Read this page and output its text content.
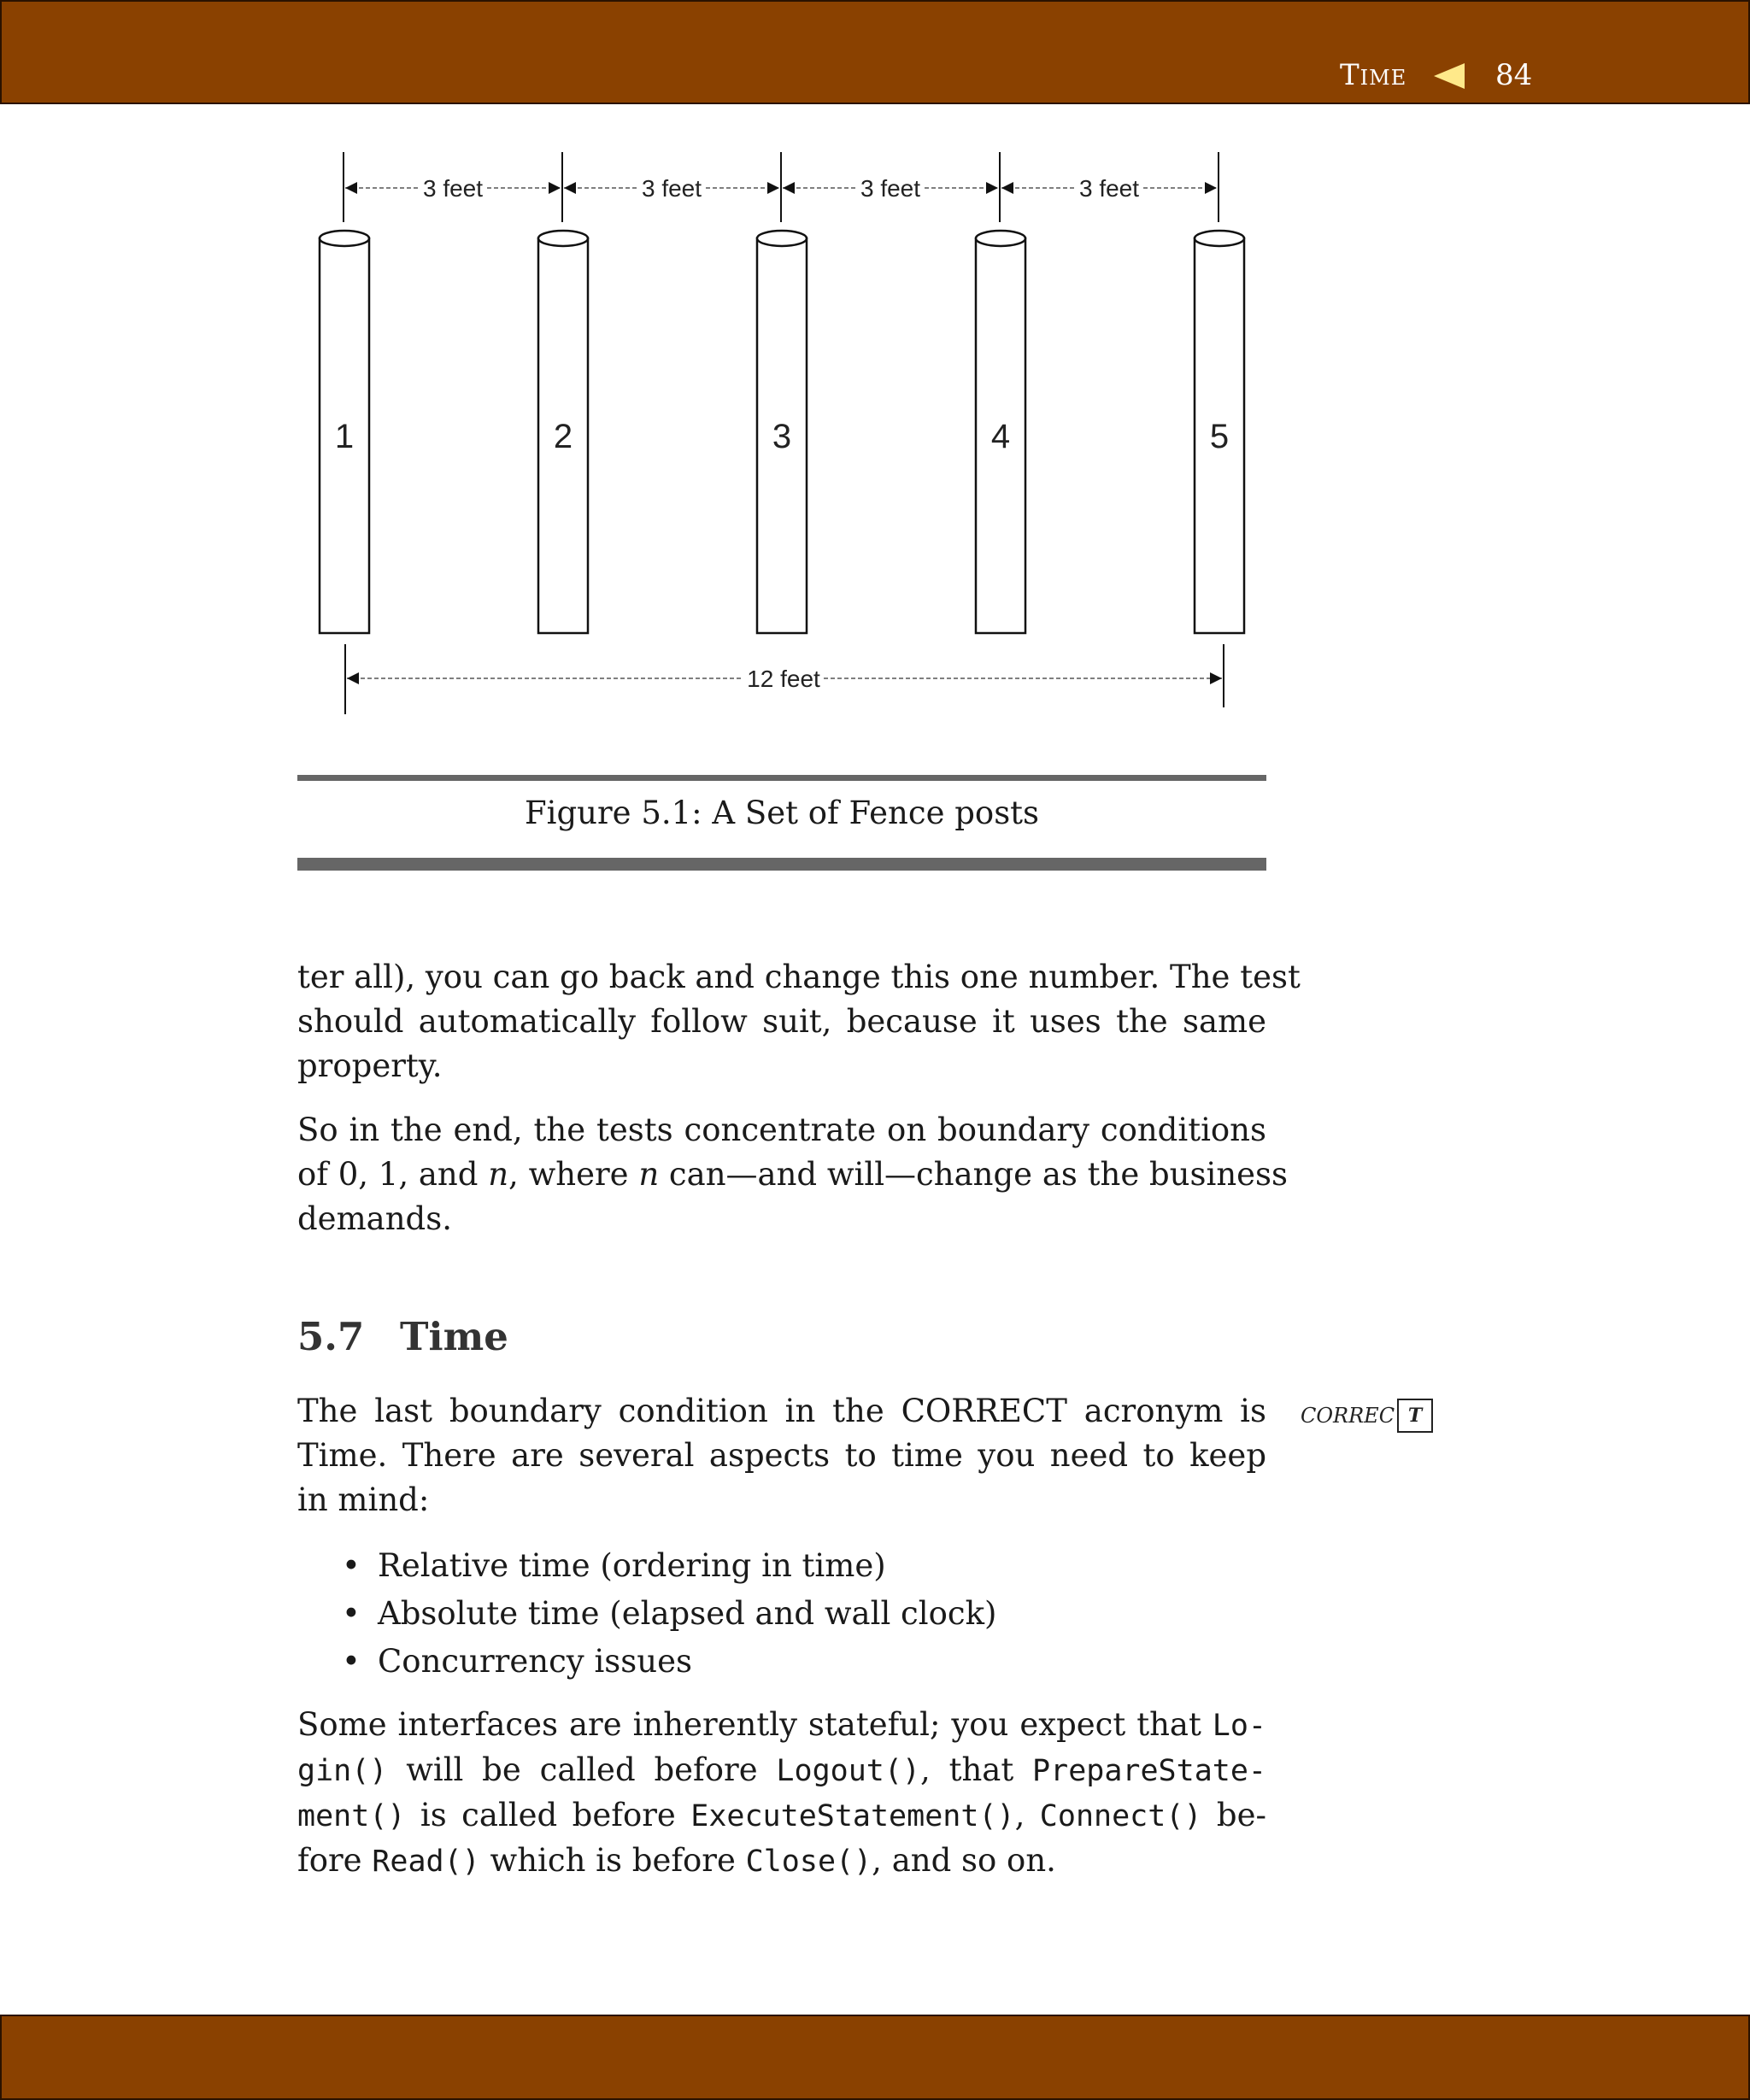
Time	84
3 feet	3 feet	3 feet	3 feet
1	2	3	4	5
12 feet
Figure 5.1: A Set of Fence posts

ter all), you can go back and change this one number. The test
should automatically follow suit, because it uses the same
property.

So in the end, the tests concentrate on boundary conditions
of 0, 1, and n, where n can—and will—change as the business
demands.

5.7 Time

The last boundary condition in the CORRECT acronym is
Time. There are several aspects to time you need to keep
in mind:

• Relative time (ordering in time)
• Absolute time (elapsed and wall clock)
• Concurrency issues

Some interfaces are inherently stateful; you expect that Lo-
gin() will be called before Logout(), that PrepareState-
ment() is called before ExecuteStatement(), Connect() be-
fore Read() which is before Close(), and so on.

CORREC T
